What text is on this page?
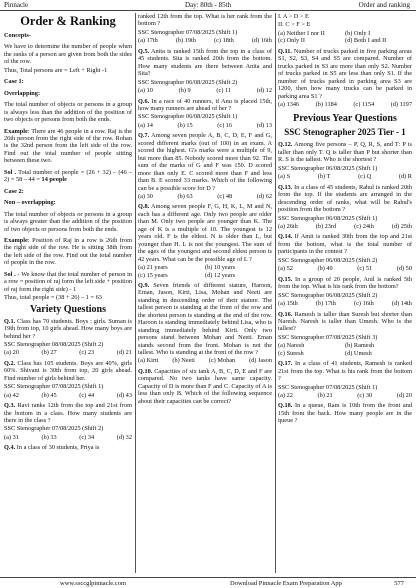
Pinnacle	Day: 80th - 85th	Order and ranking
Order & Ranking

Concepts-

We have to determine the number of people when the ranks of a person are given from both the sides of the row.

Thus, Total persons are = Left + Right -1

Case 1:

Overlapping:

The total number of objects or persons in a group is always less than the addition of the position of two objects or persons from both the ends.

Example: There are 46 people in a row. Raj is the 26th person from the right side of the row. Rohan is the 32nd person from the left side of the row. Find out the total number of people sitting between these two.

Sol . Total number of people = (26 + 32) – (46 – 2) = 58 – 44 = 14 people

Case 2:

Non – overlapping:

The total number of objects or persons in a group is always greater than the addition of the position of two objects or persons from both the ends.

Example: Position of Raj in a row is 26th from the right side of the row. He is sitting 38th from the left side of the row. Find out the total number of people in the row.

Sol . - We know that the total number of person in a row = position of raj form the left side + position of raj form the right side) - 1

Thus, total people = (38 + 26) – 1 = 63

Variety Questions

Q.1. Class has 70 students. Boys : girls. Suman is 19th from top, 10 girls ahead. How many boys are behind her ?

SSC Stenographer 08/08/2025 (Shift 2)

(a) 20	(b) 27	(c) 23	(d) 21

Q.2. Class has 105 students. Boys are 40%, girls 60%. Shivani is 30th from top, 20 girls ahead. Find number of girls behind her.

SSC Stenographer 07/08/2025 (Shift 1)

(a) 42	(b) 45	(c) 44	(d) 43

Q.3. Ravi ranks 12th from the top and 21st from the bottom in a class. How many students are there in the class ?

SSC Stenographer 07/08/2025 (Shift 2)

(a) 31	(b) 33	(c) 34	(d) 32

Q.4. In a class of 30 students, Priya is

ranked 12th from the top. What is her rank from the bottom ?

SSC Stenographer 07/08/2025 (Shift 1)

(a) 17th	(b) 19th	(c) 18th	(d) 16th

Q.5. Anita is ranked 15th from the top in a class of 45 students. Sita is ranked 20th from the bottom. How many students are there between Anita and Sita?

SSC Stenographer 06/08/2025 (Shift 2)

(a) 10	(b) 9	(c) 11	(d) 12

Q.6. In a race of 40 runners, if Anu is placed 15th, how many runners are ahead of her ?

SSC Stenographer 06/08/2025 (Shift 1)

(a) 14	(b) 15	(c) 16	(d) 13

Q.7. Among seven people A, B, C, D, E, F and G, scored different marks (out of 100) in an exam. A scored the highest. G's marks were a multiple of 9, but more than 85. Nobody scored more than 92. The sum of the marks of G and F was 150. D scored more than only E. C scored more than F and less than B. E scored 33 marks. Which of the following can be a possible score for D ?

(a) 30	(b) 63	(c) 48	(d) 62

Q.8. Among seven people F, G, H, K, L, M and N, each has a different age. Only two people are older than M. Only two people are younger than K. The age of K is a multiple of 10. The youngest is 12 years old. F is the eldest. N is older than L, but younger than H. L is not the youngest. The sum of the ages of the youngest and second eldest person is 42 years. What can be the possible age of L ?

(a) 21 years	(b) 10 years
(c) 15 years	(d) 12 years

Q.9. Seven friends of different stature, Haroon, Eman, Jason, Kirti, Lisa, Mohan and Neeti are standing in descending order of their stature. The tallest person is standing at the front of the row and the shortest person is standing at the end of the row. Haroon is standing immediately behind Lisa, who is standing immediately behind Kirti. Only two persons stand between Mohan and Neeti. Eman stands second from the front. Mohan is not the tallest. Who is standing at the front of the row ?

(a) Kirti (b) Neeti (c) Mohan (d) Jason

Q.10. Capacities of six tank A, B, C, D, E and F are compared. No two tanks have same capacity. Capacity of D is more than F and C. Capacity of A is less than only B. Which of the following sequence about their capacities can be correct?

I. A > D > E

II. C > F > E

(a) Neither I nor II	(b) Only I
(c) Only II	(d) Both I and II

Q.11. Number of trucks parked in five parking areas S1, S2, S3, S4 and S5 are compared. Number of trucks parked in S3 are more than only S2. Number of trucks parked in S5 are less than only S1. If the number of trucks parked in parking area S3 are 1200, then how many trucks can be parked in parking area S1 ?

(a) 1346	(b) 1184	(c) 1154	(d) 1197
Previous Year Questions
SSC Stenographer 2025 Tier - 1

Q.12. Among five persons – P, Q, R, S, and T: P is taller than only T. Q is taller than P but shorter than R. S is the tallest. Who is the shortest ?

SSC Stenographer 06/08/2025 (Shift 1)

(a) S	(b) T	(c) Q	(d) R

Q.13. In a class of 45 students, Rahul is ranked 20th from the top. If the students are arranged in the descending order of ranks, what will be Rahul's position from the bottom ?

SSC Stenographer 06/08/2025 (Shift 1)

(a) 26th	(b) 23rd	(c) 24th	(d) 25th

Q.14. If Amit is ranked 30th from the top and 21st from the bottom, what is the total number of participants in the contest ?

SSC Stenographer 06/08/2025 (Shift 2)

(a) 52	(b) 49	(c) 51	(d) 50

Q.15. In a group of 20 people, Anil is ranked 5th from the top. What is his rank from the bottom?

SSC Stenographer 06/08/2025 (Shift 2)

(a) 15th	(b) 17th	(c) 16th	(d) 14th

Q.16. Ramesh is taller than Suresh but shorter than Naresh. Naresh is taller than Umesh. Who is the tallest?

SSC Stenographer 07/08/2025 (Shift 3)

(a) Naresh	(b) Ramesh
(c) Suresh	(d) Umesh

Q.17. In a class of 41 students, Ramesh is ranked 21st from the top. What is his rank from the bottom ?

SSC Stenographer 07/08/2025 (Shift 1)

(a) 22	(b) 21	(c) 30	(d) 20

Q.18. In a queue, Ram is 10th from the front and 15th from the back. How many people are in the queue ?

www.ssccglpinnacle.com	Download Pinnacle Exam Preparation App	577
